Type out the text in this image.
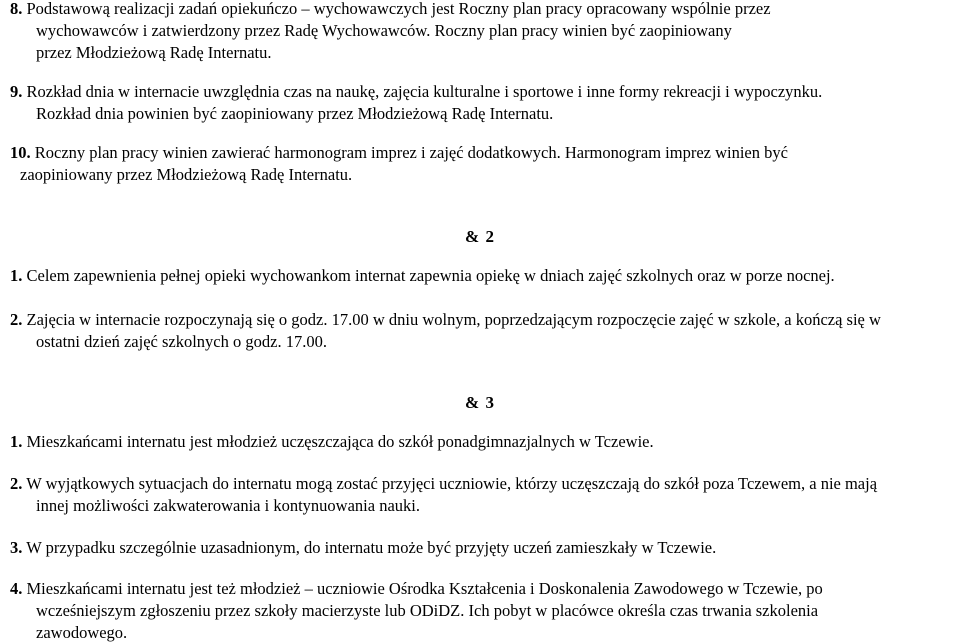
8. Podstawową realizacji zadań opiekuńczo – wychowawczych jest Roczny plan pracy opracowany wspólnie przez
wychowawców i zatwierdzony przez Radę Wychowawców. Roczny plan pracy winien być zaopiniowany
przez Młodzieżową Radę Internatu.
9. Rozkład dnia w internacie uwzględnia czas na naukę, zajęcia kulturalne i sportowe i inne formy rekreacji i wypoczynku.
Rozkład dnia powinien być zaopiniowany przez Młodzieżową Radę Internatu.
10. Roczny plan pracy winien zawierać harmonogram imprez i zajęć dodatkowych. Harmonogram imprez winien być
zaopiniowany przez Młodzieżową Radę Internatu.
& 2
1. Celem zapewnienia pełnej opieki wychowankom internat zapewnia opiekę w dniach zajęć szkolnych oraz w porze nocnej.
2. Zajęcia w internacie rozpoczynają się o godz. 17.00 w dniu wolnym, poprzedzającym rozpoczęcie zajęć w szkole, a kończą się w
ostatni dzień zajęć szkolnych o godz. 17.00.
& 3
1. Mieszkańcami internatu jest młodzież uczęszczająca do szkół ponadgimnazjalnych w Tczewie.
2. W wyjątkowych sytuacjach do internatu mogą zostać przyjęci uczniowie, którzy uczęszczają do szkół poza Tczewem, a nie mają
innej możliwości zakwaterowania i kontynuowania nauki.
3. W przypadku szczególnie uzasadnionym, do internatu może być przyjęty uczeń zamieszkały w Tczewie.
4. Mieszkańcami internatu jest też młodzież – uczniowie Ośrodka Kształcenia i Doskonalenia Zawodowego w Tczewie, po
wcześniejszym zgłoszeniu przez szkoły macierzyste lub ODiDZ. Ich pobyt w placówce określa czas trwania szkolenia
zawodowego.
